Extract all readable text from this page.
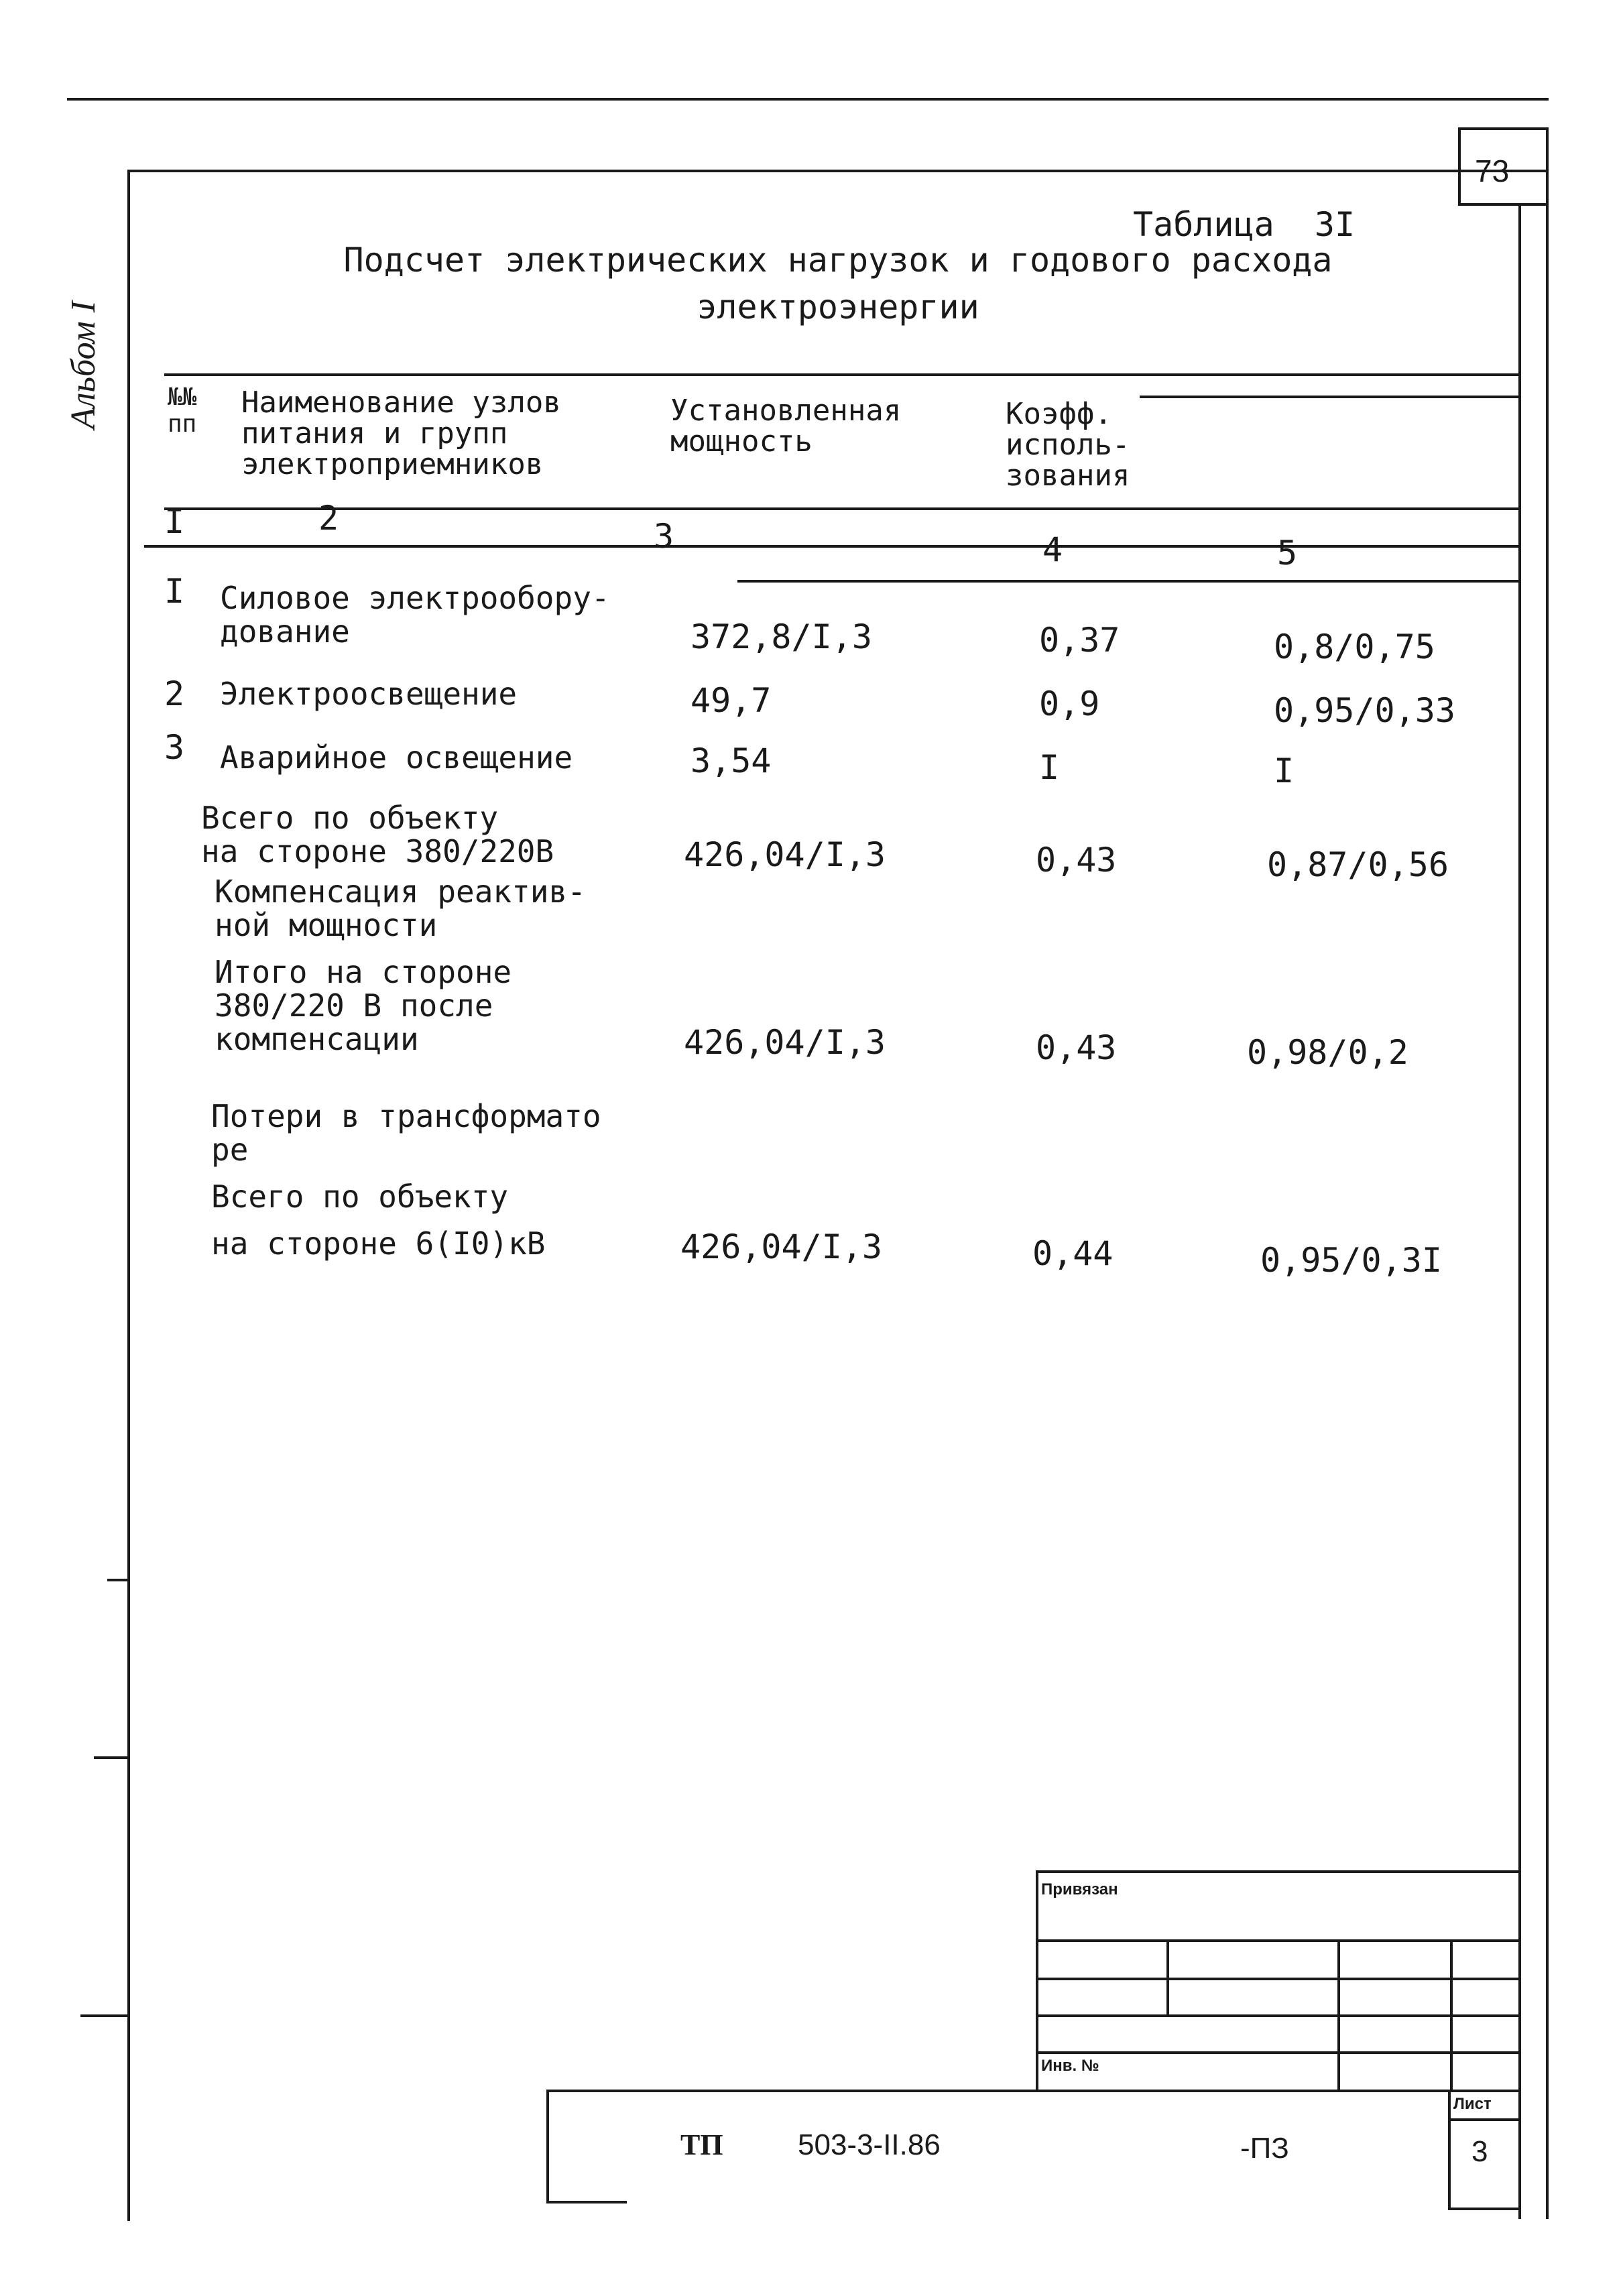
73
Альбом I
Таблица  3I
Подсчет электрических нагрузок и годового расхода
электроэнергии
№№
пп
Наименование узлов
питания и групп
электроприемников
Установленная
мощность
Коэфф.
исполь-
зования
I	2	3	4	5
I Силовое электрообору-
дование	372,8/I,3	0,37	0,8/0,75
2 Электроосвещение	49,7	0,9	0,95/0,33
3 Аварийное освещение	3,54	I	I
Всего по объекту
на стороне 380/220В	426,04/I,3	0,43	0,87/0,56
Компенсация реактив-
ной мощности
Итого на стороне
380/220 В после
компенсации	426,04/I,3	0,43	0,98/0,2
Потери в трансформато
ре
Всего по объекту
на стороне 6(I0)кВ	426,04/I,3	0,44	0,95/0,3I
Привязан
Инв. №
Лист
3
ТП	503-3-II.86	-ПЗ
